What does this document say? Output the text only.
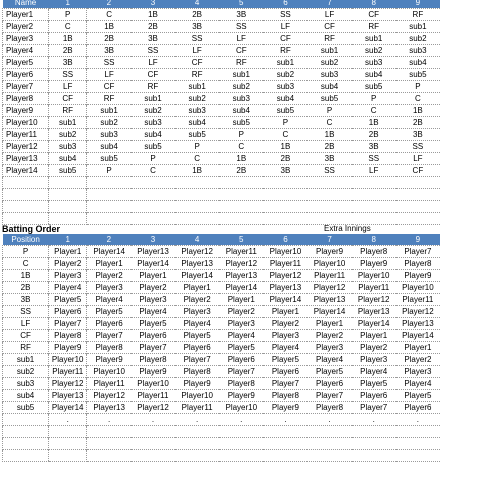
Name	1	2	3	4	5	6	7	8	9
Player1	P	C	1B	2B	3B	SS	LF	CF	RF
Player2	C	1B	2B	3B	SS	LF	CF	RF	sub1
Player3	1B	2B	3B	SS	LF	CF	RF	sub1	sub2
Player4	2B	3B	SS	LF	CF	RF	sub1	sub2	sub3
Player5	3B	SS	LF	CF	RF	sub1	sub2	sub3	sub4
Player6	SS	LF	CF	RF	sub1	sub2	sub3	sub4	sub5
Player7	LF	CF	RF	sub1	sub2	sub3	sub4	sub5	P
Player8	CF	RF	sub1	sub2	sub3	sub4	sub5	P	C
Player9	RF	sub1	sub2	sub3	sub4	sub5	P	C	1B
Player10	sub1	sub2	sub3	sub4	sub5	P	C	1B	2B
Player11	sub2	sub3	sub4	sub5	P	C	1B	2B	3B
Player12	sub3	sub4	sub5	P	C	1B	2B	3B	SS
Player13	sub4	sub5	P	C	1B	2B	3B	SS	LF
Player14	sub5	P	C	1B	2B	3B	SS	LF	CF

Batting Order	Extra Innings
Position	1	2	3	4	5	6	7	8	9
P	Player1	Player14	Player13	Player12	Player11	Player10	Player9	Player8	Player7
C	Player2	Player1	Player14	Player13	Player12	Player11	Player10	Player9	Player8
1B	Player3	Player2	Player1	Player14	Player13	Player12	Player11	Player10	Player9
2B	Player4	Player3	Player2	Player1	Player14	Player13	Player12	Player11	Player10
3B	Player5	Player4	Player3	Player2	Player1	Player14	Player13	Player12	Player11
SS	Player6	Player5	Player4	Player3	Player2	Player1	Player14	Player13	Player12
LF	Player7	Player6	Player5	Player4	Player3	Player2	Player1	Player14	Player13
CF	Player8	Player7	Player6	Player5	Player4	Player3	Player2	Player1	Player14
RF	Player9	Player8	Player7	Player6	Player5	Player4	Player3	Player2	Player1
sub1	Player10	Player9	Player8	Player7	Player6	Player5	Player4	Player3	Player2
sub2	Player11	Player10	Player9	Player8	Player7	Player6	Player5	Player4	Player3
sub3	Player12	Player11	Player10	Player9	Player8	Player7	Player6	Player5	Player4
sub4	Player13	Player12	Player11	Player10	Player9	Player8	Player7	Player6	Player5
sub5	Player14	Player13	Player12	Player11	Player10	Player9	Player8	Player7	Player6
	.	.	.	.	.	.	.	.	.
